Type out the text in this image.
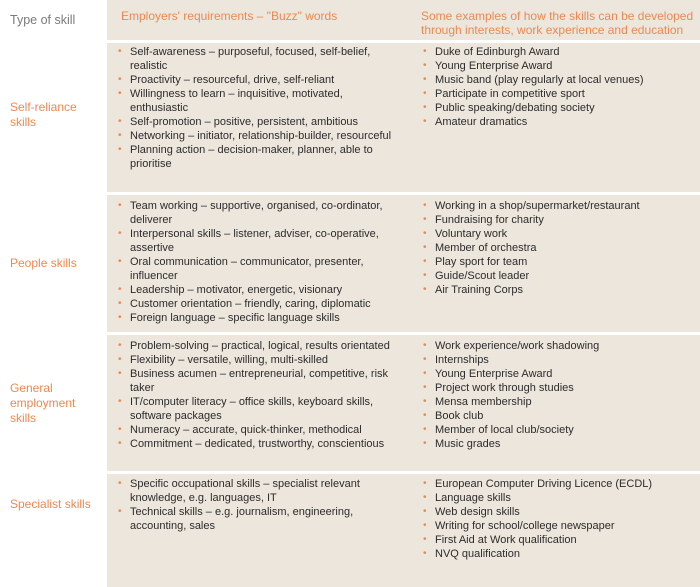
Type of skill	Employers' requirements – "Buzz" words	Some examples of how the skills can be developed through interests, work experience and education
Self-reliance skills
• Self-awareness – purposeful, focused, self-belief, realistic
• Proactivity – resourceful, drive, self-reliant
• Willingness to learn – inquisitive, motivated, enthusiastic
• Self-promotion – positive, persistent, ambitious
• Networking – initiator, relationship-builder, resourceful
• Planning action – decision-maker, planner, able to prioritise
• Duke of Edinburgh Award
• Young Enterprise Award
• Music band (play regularly at local venues)
• Participate in competitive sport
• Public speaking/debating society
• Amateur dramatics
People skills
• Team working – supportive, organised, co-ordinator, deliverer
• Interpersonal skills – listener, adviser, co-operative, assertive
• Oral communication – communicator, presenter, influencer
• Leadership – motivator, energetic, visionary
• Customer orientation – friendly, caring, diplomatic
• Foreign language – specific language skills
• Working in a shop/supermarket/restaurant
• Fundraising for charity
• Voluntary work
• Member of orchestra
• Play sport for team
• Guide/Scout leader
• Air Training Corps
General employment skills
• Problem-solving – practical, logical, results orientated
• Flexibility – versatile, willing, multi-skilled
• Business acumen – entrepreneurial, competitive, risk taker
• IT/computer literacy – office skills, keyboard skills, software packages
• Numeracy – accurate, quick-thinker, methodical
• Commitment – dedicated, trustworthy, conscientious
• Work experience/work shadowing
• Internships
• Young Enterprise Award
• Project work through studies
• Mensa membership
• Book club
• Member of local club/society
• Music grades
Specialist skills
• Specific occupational skills – specialist relevant knowledge, e.g. languages, IT
• Technical skills – e.g. journalism, engineering, accounting, sales
• European Computer Driving Licence (ECDL)
• Language skills
• Web design skills
• Writing for school/college newspaper
• First Aid at Work qualification
• NVQ qualification
